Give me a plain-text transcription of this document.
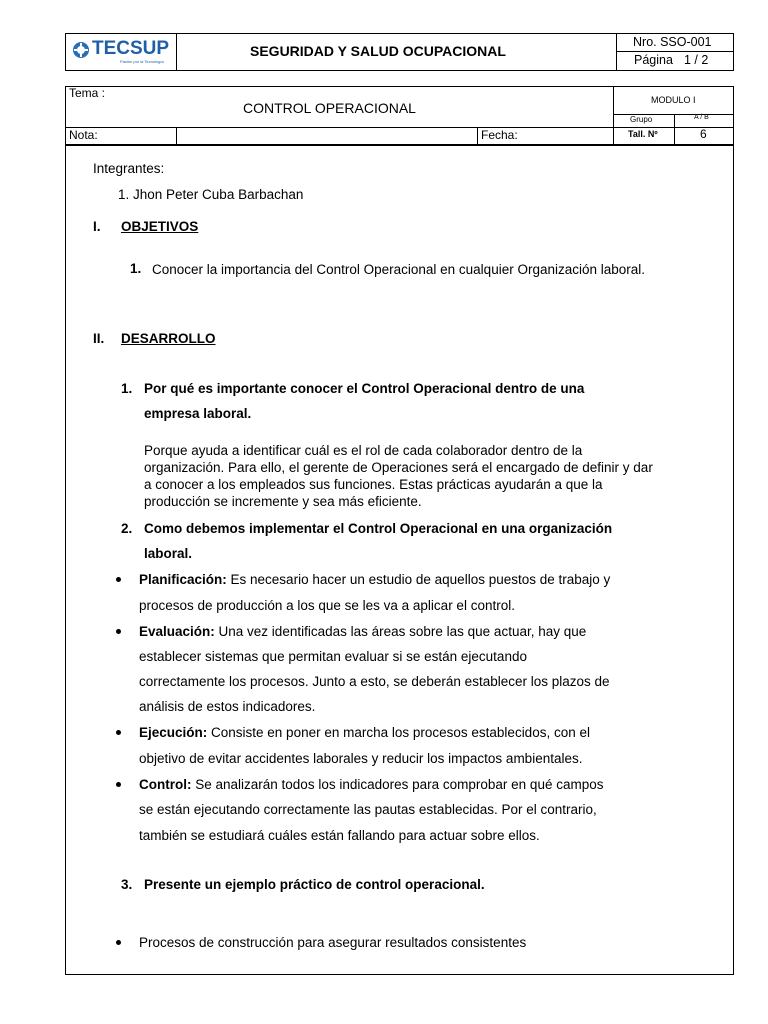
TECSUP
Pasión por la Tecnología
SEGURIDAD Y SALUD OCUPACIONAL
Nro. SSO-001
Página 1 / 2
Tema :
CONTROL OPERACIONAL	MODULO I
Grupo	A / B
Nota:	Fecha:	Tall. Nº	6
Integrantes:
1. Jhon Peter Cuba Barbachan
I. OBJETIVOS
1. Conocer la importancia del Control Operacional en cualquier Organización laboral.
II. DESARROLLO
1. Por qué es importante conocer el Control Operacional dentro de una
empresa laboral.
Porque ayuda a identificar cuál es el rol de cada colaborador dentro de la organización. Para ello, el gerente de Operaciones será el encargado de definir y dar a conocer a los empleados sus funciones. Estas prácticas ayudarán a que la producción se incremente y sea más eficiente.
2. Como debemos implementar el Control Operacional en una organización
laboral.
Planificación: Es necesario hacer un estudio de aquellos puestos de trabajo y
procesos de producción a los que se les va a aplicar el control.
Evaluación: Una vez identificadas las áreas sobre las que actuar, hay que
establecer sistemas que permitan evaluar si se están ejecutando
correctamente los procesos. Junto a esto, se deberán establecer los plazos de
análisis de estos indicadores.
Ejecución: Consiste en poner en marcha los procesos establecidos, con el
objetivo de evitar accidentes laborales y reducir los impactos ambientales.
Control: Se analizarán todos los indicadores para comprobar en qué campos
se están ejecutando correctamente las pautas establecidas. Por el contrario,
también se estudiará cuáles están fallando para actuar sobre ellos.
3. Presente un ejemplo práctico de control operacional.
Procesos de construcción para asegurar resultados consistentes
